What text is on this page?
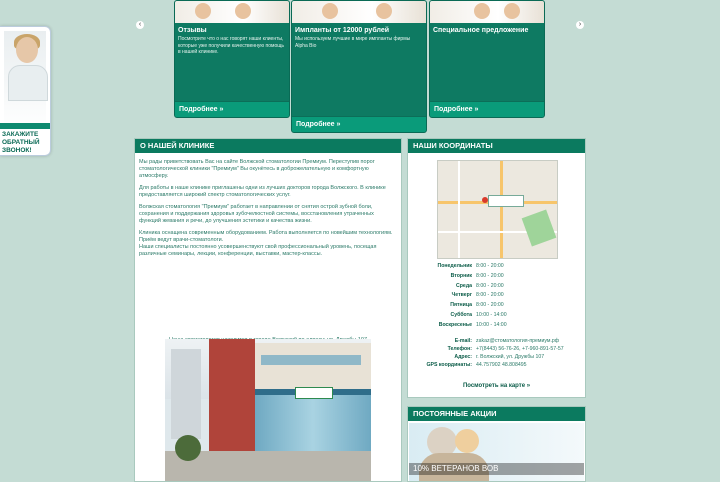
ЗАКАЖИТЕ ОБРАТНЫЙ ЗВОНОК!
‹	›
Отзывы
Посмотрите что о нас говорят наши клиенты, которые уже получили качественную помощь в нашей клинике.
Подробнее »
Импланты от 12000 рублей
Мы используем лучшие в мире импланты фирмы Alpha Bio
Подробнее »
Специальное предложение
Подробнее »
О НАШЕЙ КЛИНИКЕ

Мы рады приветствовать Вас на сайте Волжской стоматологии Премиум. Переступив порог стоматологической клиники "Премиум" Вы окунётесь в доброжелательную и комфортную атмосферу.

Для работы в наше клинике приглашены одни из лучших докторов города Волжского. В клинике предоставляется широкий спектр стоматологических услуг.

Волжская стоматология "Премиум" работает в направлении от снятия острой зубной боли, сохранения и поддержания здоровья зубочелюстной системы, восстановления утраченных функций жевания и речи, до улучшения эстетики и качества жизни.

Клиника оснащена современным оборудованием. Работа выполняется по новейшим технологиям. Приём ведут врачи-стоматологи.
Наши специалисты постоянно усовершенствуют свой профессиональный уровень, посещая различные семинары, лекции, конференции, выставки, мастер-классы.

НАШИ КООРДИНАТЫ
Понедельник 8:00 - 20:00
Вторник 8:00 - 20:00
Среда 8:00 - 20:00
Четверг 8:00 - 20:00
Пятница 8:00 - 20:00
Суббота 10:00 - 14:00
Воскресенье 10:00 - 14:00
E-mail: zakaz@стоматология-премиум.рф
Телефон: +7(8443) 56-76-26, +7-960-891-57-57
Адрес: г. Волжский, ул. Дружбы 107
GPS координаты: 44.757902 48.808495
Посмотреть на карте »
ПОСТОЯННЫЕ АКЦИИ
10% ВЕТЕРАНОВ ВОВ
